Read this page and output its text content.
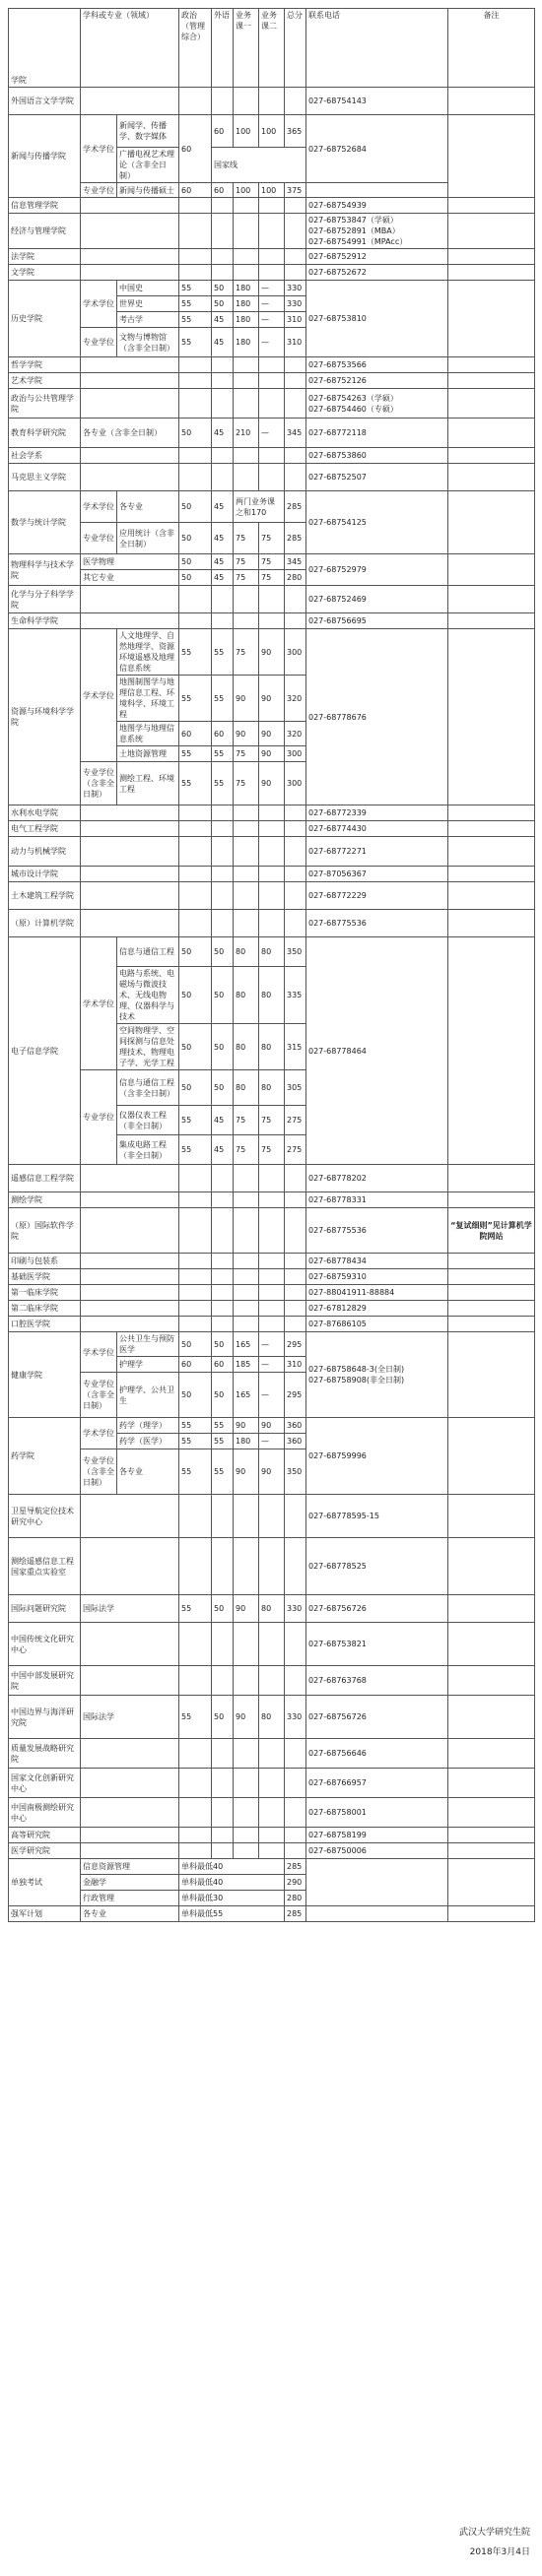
学院	学科或专业（领域）		政治（管理综合）	外语	业务课一	业务课二	总分	联系电话	备注
外国语言文学学院								027-68754143	
新闻与传播学院	学术学位	新闻学、传播学、数字媒体	60	60	100	100	365	027-68752684	
		广播电视艺术理论（含非全日制）		国家线					
	专业学位	新闻与传播硕士	60	60	100	100	375		
信息管理学院								027-68754939	
经济与管理学院								027-68753847（学硕）
027-68752891（MBA）
027-68754991（MPAcc）	

法学院								027-68752912	
文学院								027-68752672	
历史学院	学术学位	中国史	55	50	180	—	330	027-68753810	
		世界史	55	50	180	—	330		
		考古学	55	45	180	—	310		
	专业学位	文物与博物馆（含非全日制）	55	45	180	—	310		
哲学学院								027-68753566	
艺术学院								027-68752126	
政治与公共管理学院								027-68754263（学硕）
027-68754460（专硕）	

教育科学研究院	各专业（含非全日制）		50	45	210	—	345	027-68772118	
社会学系								027-68753860	
马克思主义学院								027-68752507	
数学与统计学院	学术学位	各专业	50	45	两门业务课之和170		285	027-68754125	
	专业学位	应用统计（含非全日制）	50	45	75	75	285		
物理科学与技术学院	医学物理		50	45	75	75	345	027-68752979	
	其它专业		50	45	75	75	280		
化学与分子科学学院								027-68752469	
生命科学学院								027-68756695	
资源与环境科学学院	学术学位	人文地理学、自然地理学、资源环境遥感及地理信息系统	55	55	75	90	300	027-68778676	
		地图制图学与地理信息工程、环境科学、环境工程	55	55	90	90	320		
		地图学与地理信息系统	60	60	90	90	320		
		土地资源管理	55	55	75	90	300		
	专业学位（含非全日制）	测绘工程、环境工程	55	55	75	90	300		
水利水电学院								027-68772339	
电气工程学院								027-68774430	
动力与机械学院								027-68772271	
城市设计学院								027-87056367	
土木建筑工程学院								027-68772229	
（原）计算机学院								027-68775536	
电子信息学院	学术学位	信息与通信工程	50	50	80	80	350	027-68778464	
		电路与系统、电磁场与微波技术、无线电物理、仪器科学与技术	50	50	80	80	335		
		空间物理学、空间探测与信息处理技术、物理电子学、光学工程	50	50	80	80	315		
	专业学位	信息与通信工程（含非全日制）	50	50	80	80	305		
		仪器仪表工程（非全日制）	55	45	75	75	275		
		集成电路工程（非全日制）	55	45	75	75	275		
遥感信息工程学院								027-68778202	
测绘学院								027-68778331	
（原）国际软件学院								027-68775536	“复试细则”见计算机学院网站
印刷与包装系								027-68778434	
基础医学院								027-68759310	
第一临床学院								027-88041911-88884	
第二临床学院								027-67812829	
口腔医学院								027-87686105	
健康学院	学术学位	公共卫生与预防医学	50	50	165	—	295	027-68758648-3(全日制)
027-68758908(非全日制)	

		护理学	60	60	185	—	310		
	专业学位（含非全日制）	护理学、公共卫生	50	50	165	—	295		
药学院	学术学位	药学（理学）	55	55	90	90	360	027-68759996	
		药学（医学）	55	55	180	—	360		
	专业学位（含非全日制）	各专业	55	55	90	90	350		
卫星导航定位技术研究中心								027-68778595-15	
测绘遥感信息工程国家重点实验室								027-68778525	
国际问题研究院	国际法学		55	50	90	80	330	027-68756726	
中国传统文化研究中心								027-68753821	
中国中部发展研究院								027-68763768	
中国边界与海洋研究院	国际法学		55	50	90	80	330	027-68756726	
质量发展战略研究院								027-68756646	
国家文化创新研究中心								027-68766957	
中国南极测绘研究中心								027-68758001	
高等研究院								027-68758199	
医学研究院								027-68750006	
单独考试	信息资源管理		单科最低40				285		
	金融学		单科最低40				290		
	行政管理		单科最低30				280		
强军计划	各专业		单科最低55				285		
武汉大学研究生院
2018年3月4日
